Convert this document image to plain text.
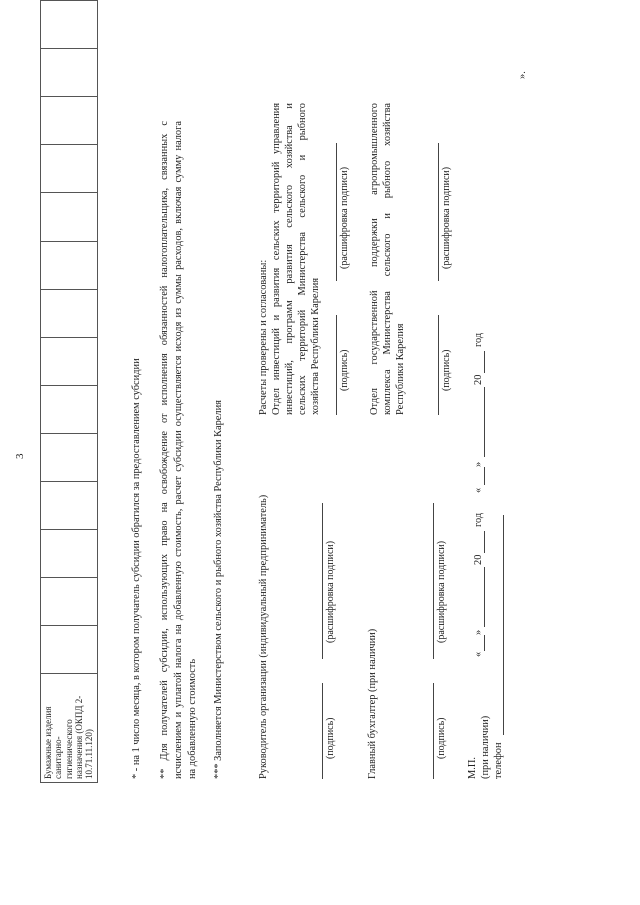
3
Бумажные изделия санитарно-гигиенического назначения (ОКПД 2- 10.71.11.120)															* - на 1 число месяца, в котором получатель субсидии обратился за предоставлением субсидии ** Для получателей субсидии, использующих право на освобождение от исполнения обязанностей налогоплательщика, связанных с исчислением и уплатой налога на добавленную стоимость, расчет субсидии осуществляется исходя из суммы расходов, включая сумму налога на добавленную стоимость *** Заполняется Министерством сельского и рыбного хозяйства Республики Карелия	Руководитель организации (индивидуальный предприниматель)	(подпись)
(расшифровка подписи)
Главный бухгалтер (при наличии)	(подпись)
(расшифровка подписи)
М.П. (при наличии) телефон
«
»
20
год
Расчеты проверены и согласованы: Отдел инвестиций и развития сельских территорий управления инвестиций, программ развития сельского хозяйства и сельских территорий Министерства сельского и рыбного хозяйства Республики Карелия (подпись)
(расшифровка подписи) Отдел государственной поддержки агропромышленного комплекса Министерства сельского и рыбного хозяйства Республики Карелия	(подпись)
(расшифровка подписи)
«
»
20
год
».
